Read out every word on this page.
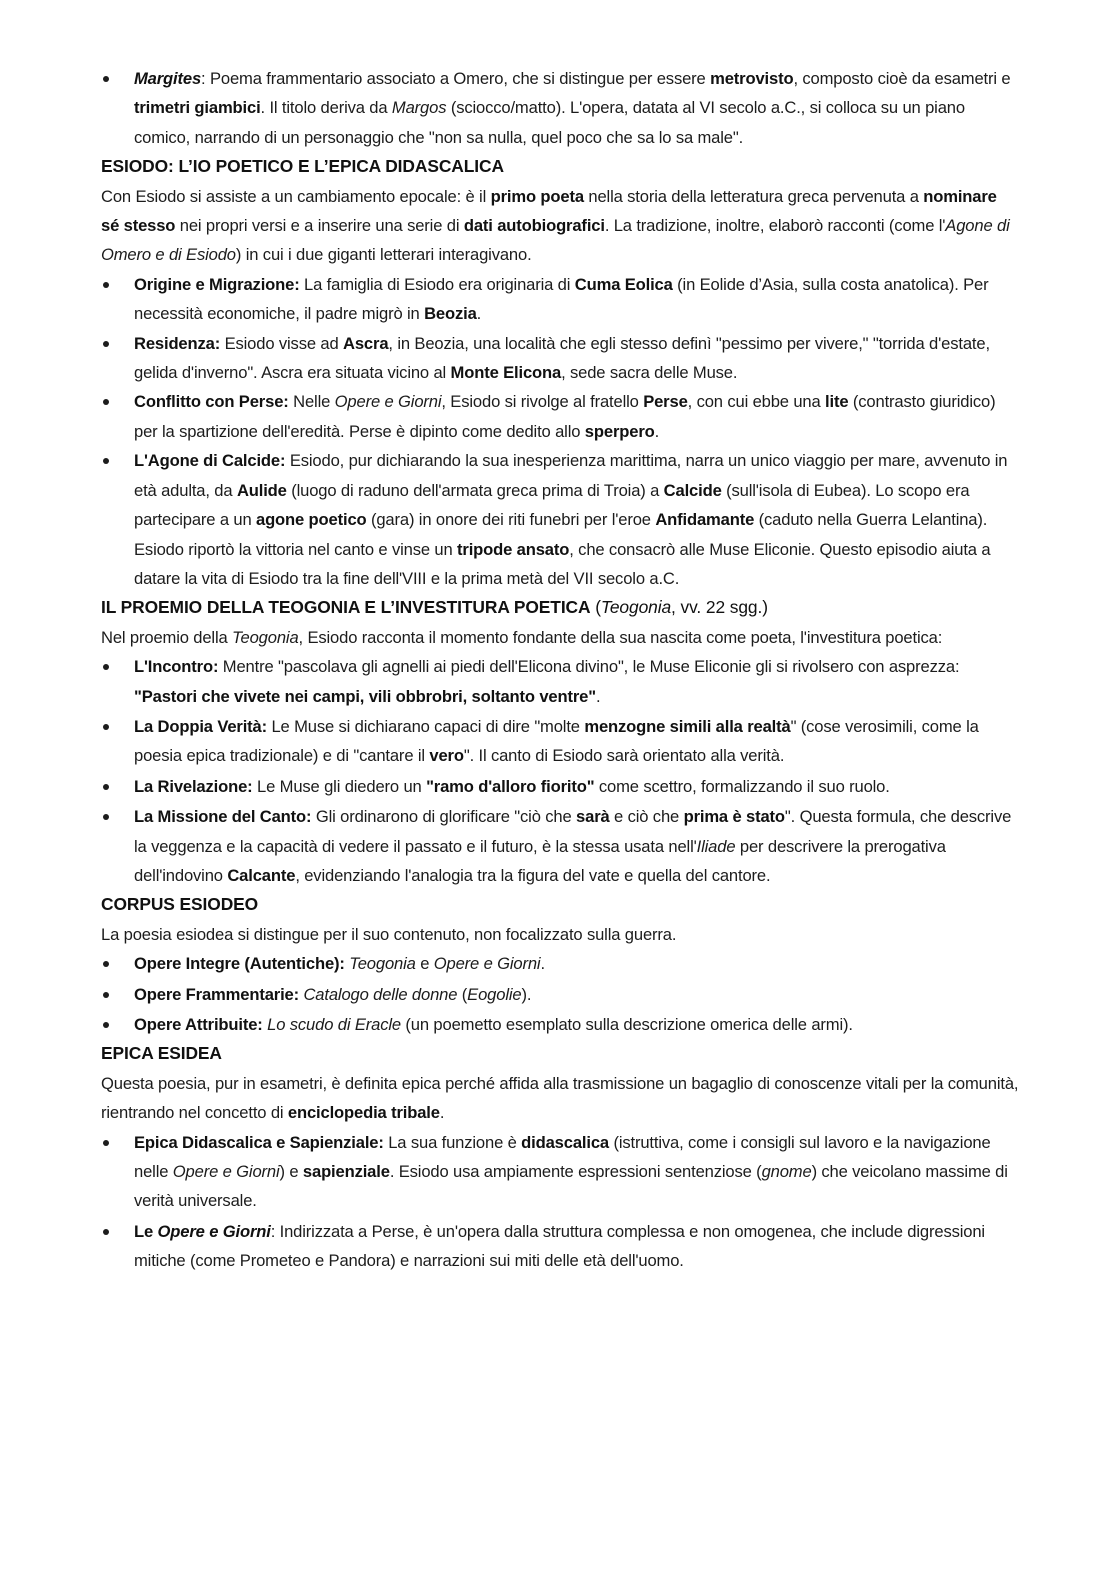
Margites: Poema frammentario associato a Omero, che si distingue per essere metrovisto, composto cioè da esametri e trimetri giambici. Il titolo deriva da Margos (sciocco/matto). L'opera, datata al VI secolo a.C., si colloca su un piano comico, narrando di un personaggio che "non sa nulla, quel poco che sa lo sa male".
ESIODO: L’IO POETICO E L’EPICA DIDASCALICA

Con Esiodo si assiste a un cambiamento epocale: è il primo poeta nella storia della letteratura greca pervenuta a nominare sé stesso nei propri versi e a inserire una serie di dati autobiografici. La tradizione, inoltre, elaborò racconti (come l'Agone di Omero e di Esiodo) in cui i due giganti letterari interagivano.

Origine e Migrazione: La famiglia di Esiodo era originaria di Cuma Eolica (in Eolide d’Asia, sulla costa anatolica). Per necessità economiche, il padre migrò in Beozia.
Residenza: Esiodo visse ad Ascra, in Beozia, una località che egli stesso definì "pessimo per vivere," "torrida d'estate, gelida d'inverno". Ascra era situata vicino al Monte Elicona, sede sacra delle Muse.
Conflitto con Perse: Nelle Opere e Giorni, Esiodo si rivolge al fratello Perse, con cui ebbe una lite (contrasto giuridico) per la spartizione dell'eredità. Perse è dipinto come dedito allo sperpero.
L'Agone di Calcide: Esiodo, pur dichiarando la sua inesperienza marittima, narra un unico viaggio per mare, avvenuto in età adulta, da Aulide (luogo di raduno dell'armata greca prima di Troia) a Calcide (sull'isola di Eubea). Lo scopo era partecipare a un agone poetico (gara) in onore dei riti funebri per l'eroe Anfidamante (caduto nella Guerra Lelantina). Esiodo riportò la vittoria nel canto e vinse un tripode ansato, che consacrò alle Muse Eliconie. Questo episodio aiuta a datare la vita di Esiodo tra la fine dell'VIII e la prima metà del VII secolo a.C.
IL PROEMIO DELLA TEOGONIA E L’INVESTITURA POETICA (Teogonia, vv. 22 sgg.)

Nel proemio della Teogonia, Esiodo racconta il momento fondante della sua nascita come poeta, l'investitura poetica:

L'Incontro: Mentre "pascolava gli agnelli ai piedi dell'Elicona divino", le Muse Eliconie gli si rivolsero con asprezza: "Pastori che vivete nei campi, vili obbrobri, soltanto ventre".
La Doppia Verità: Le Muse si dichiarano capaci di dire "molte menzogne simili alla realtà" (cose verosimili, come la poesia epica tradizionale) e di "cantare il vero". Il canto di Esiodo sarà orientato alla verità.
La Rivelazione: Le Muse gli diedero un "ramo d'alloro fiorito" come scettro, formalizzando il suo ruolo.
La Missione del Canto: Gli ordinarono di glorificare "ciò che sarà e ciò che prima è stato". Questa formula, che descrive la veggenza e la capacità di vedere il passato e il futuro, è la stessa usata nell'Iliade per descrivere la prerogativa dell'indovino Calcante, evidenziando l'analogia tra la figura del vate e quella del cantore.
CORPUS ESIODEO

La poesia esiodea si distingue per il suo contenuto, non focalizzato sulla guerra.

Opere Integre (Autentiche): Teogonia e Opere e Giorni.
Opere Frammentarie: Catalogo delle donne (Eogolie).
Opere Attribuite: Lo scudo di Eracle (un poemetto esemplato sulla descrizione omerica delle armi).
EPICA ESIDEA

Questa poesia, pur in esametri, è definita epica perché affida alla trasmissione un bagaglio di conoscenze vitali per la comunità, rientrando nel concetto di enciclopedia tribale.

Epica Didascalica e Sapienziale: La sua funzione è didascalica (istruttiva, come i consigli sul lavoro e la navigazione nelle Opere e Giorni) e sapienziale. Esiodo usa ampiamente espressioni sentenziose (gnome) che veicolano massime di verità universale.
Le Opere e Giorni: Indirizzata a Perse, è un'opera dalla struttura complessa e non omogenea, che include digressioni mitiche (come Prometeo e Pandora) e narrazioni sui miti delle età dell'uomo.
